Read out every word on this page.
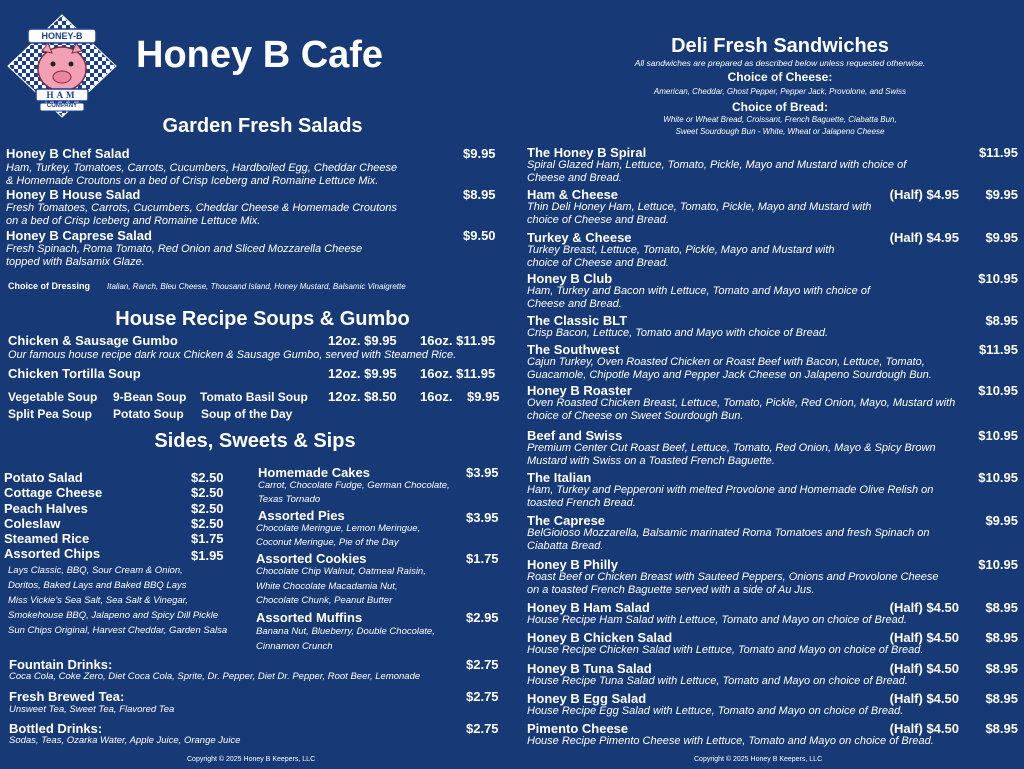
HONEY-B
HAM
COMPANY
Honey B Cafe
Garden Fresh Salads
Honey B Chef Salad	$9.95
Ham, Turkey, Tomatoes, Carrots, Cucumbers, Hardboiled Egg, Cheddar Cheese
& Homemade Croutons on a bed of Crisp Iceberg and Romaine Lettuce Mix.
Honey B House Salad	$8.95
Fresh Tomatoes, Carrots, Cucumbers, Cheddar Cheese & Homemade Croutons
on a bed of Crisp Iceberg and Romaine Lettuce Mix.
Honey B Caprese Salad	$9.50
Fresh Spinach, Roma Tomato, Red Onion and Sliced Mozzarella Cheese
topped with Balsamix Glaze.
Choice of Dressing Italian, Ranch, Bleu Cheese, Thousand Island, Honey Mustard, Balsamic Vinaigrette
House Recipe Soups & Gumbo
Chicken & Sausage Gumbo	12oz. $9.95 16oz. $11.95
Our famous house recipe dark roux Chicken & Sausage Gumbo, served with Steamed Rice.
Chicken Tortilla Soup	12oz. $9.95 16oz. $11.95
Vegetable Soup 9-Bean Soup Tomato Basil Soup 12oz. $8.50 16oz. $9.95
Split Pea Soup Potato Soup Soup of the Day
Sides, Sweets & Sips
Potato Salad	$2.50
Cottage Cheese	$2.50
Peach Halves	$2.50
Coleslaw	$2.50
Steamed Rice	$1.75
Assorted Chips	$1.95
Lays Classic, BBQ, Sour Cream & Onion,
Doritos, Baked Lays and Baked BBQ Lays
Miss Vickie's Sea Salt, Sea Salt & Vinegar,
Smokehouse BBQ, Jalapeno and Spicy Dill Pickle
Sun Chips Original, Harvest Cheddar, Garden Salsa
Homemade Cakes	$3.95
Carrot, Chocolate Fudge, German Chocolate,
Texas Tornado
Assorted Pies	$3.95
Chocolate Meringue, Lemon Meringue,
Coconut Meringue, Pie of the Day
Assorted Cookies	$1.75
Chocolate Chip Walnut, Oatmeal Raisin,
White Chocolate Macadamia Nut,
Chocolate Chunk, Peanut Butter
Assorted Muffins	$2.95
Banana Nut, Blueberry, Double Chocolate,
Cinnamon Crunch
Fountain Drinks:	$2.75
Coca Cola, Coke Zero, Diet Coca Cola, Sprite, Dr. Pepper, Diet Dr. Pepper, Root Beer, Lemonade
Fresh Brewed Tea:	$2.75
Unsweet Tea, Sweet Tea, Flavored Tea
Bottled Drinks:	$2.75
Sodas, Teas, Ozarka Water, Apple Juice, Orange Juice
Copyright © 2025 Honey B Keepers, LLC
Deli Fresh Sandwiches
All sandwiches are prepared as described below unless requested otherwise.
Choice of Cheese:
American, Cheddar, Ghost Pepper, Pepper Jack, Provolone, and Swiss
Choice of Bread:
White or Wheat Bread, Croissant, French Baguette, Ciabatta Bun,
Sweet Sourdough Bun - White, Wheat or Jalapeno Cheese
The Honey B Spiral	$11.95
Spiral Glazed Ham, Lettuce, Tomato, Pickle, Mayo and Mustard with choice of
Cheese and Bread.
Ham & Cheese	$9.95
(Half) $4.95
Thin Deli Honey Ham, Lettuce, Tomato, Pickle, Mayo and Mustard with
choice of Cheese and Bread.
Turkey & Cheese	$9.95
(Half) $4.95
Turkey Breast, Lettuce, Tomato, Pickle, Mayo and Mustard with
choice of Cheese and Bread.
Honey B Club	$10.95
Ham, Turkey and Bacon with Lettuce, Tomato and Mayo with choice of
Cheese and Bread.
The Classic BLT	$8.95
Crisp Bacon, Lettuce, Tomato and Mayo with choice of Bread.
The Southwest	$11.95
Cajun Turkey, Oven Roasted Chicken or Roast Beef with Bacon, Lettuce, Tomato,
Guacamole, Chipotle Mayo and Pepper Jack Cheese on Jalapeno Sourdough Bun.
Honey B Roaster	$10.95
Oven Roasted Chicken Breast, Lettuce, Tomato, Pickle, Red Onion, Mayo, Mustard with
choice of Cheese on Sweet Sourdough Bun.
Beef and Swiss	$10.95
Premium Center Cut Roast Beef, Lettuce, Tomato, Red Onion, Mayo & Spicy Brown
Mustard with Swiss on a Toasted French Baguette.
The Italian	$10.95
Ham, Turkey and Pepperoni with melted Provolone and Homemade Olive Relish on
toasted French Bread.
The Caprese	$9.95
BelGioioso Mozzarella, Balsamic marinated Roma Tomatoes and fresh Spinach on
Ciabatta Bread.
Honey B Philly	$10.95
Roast Beef or Chicken Breast with Sauteed Peppers, Onions and Provolone Cheese
on a toasted French Baguette served with a side of Au Jus.
Honey B Ham Salad	$8.95
(Half) $4.50
House Recipe Ham Salad with Lettuce, Tomato and Mayo on choice of Bread.
Honey B Chicken Salad	$8.95
(Half) $4.50
House Recipe Chicken Salad with Lettuce, Tomato and Mayo on choice of Bread.
Honey B Tuna Salad	$8.95
(Half) $4.50
House Recipe Tuna Salad with Lettuce, Tomato and Mayo on choice of Bread.
Honey B Egg Salad	$8.95
(Half) $4.50
House Recipe Egg Salad with Lettuce, Tomato and Mayo on choice of Bread.
Pimento Cheese	$8.95
(Half) $4.50
House Recipe Pimento Cheese with Lettuce, Tomato and Mayo on choice of Bread.
Copyright © 2025 Honey B Keepers, LLC
